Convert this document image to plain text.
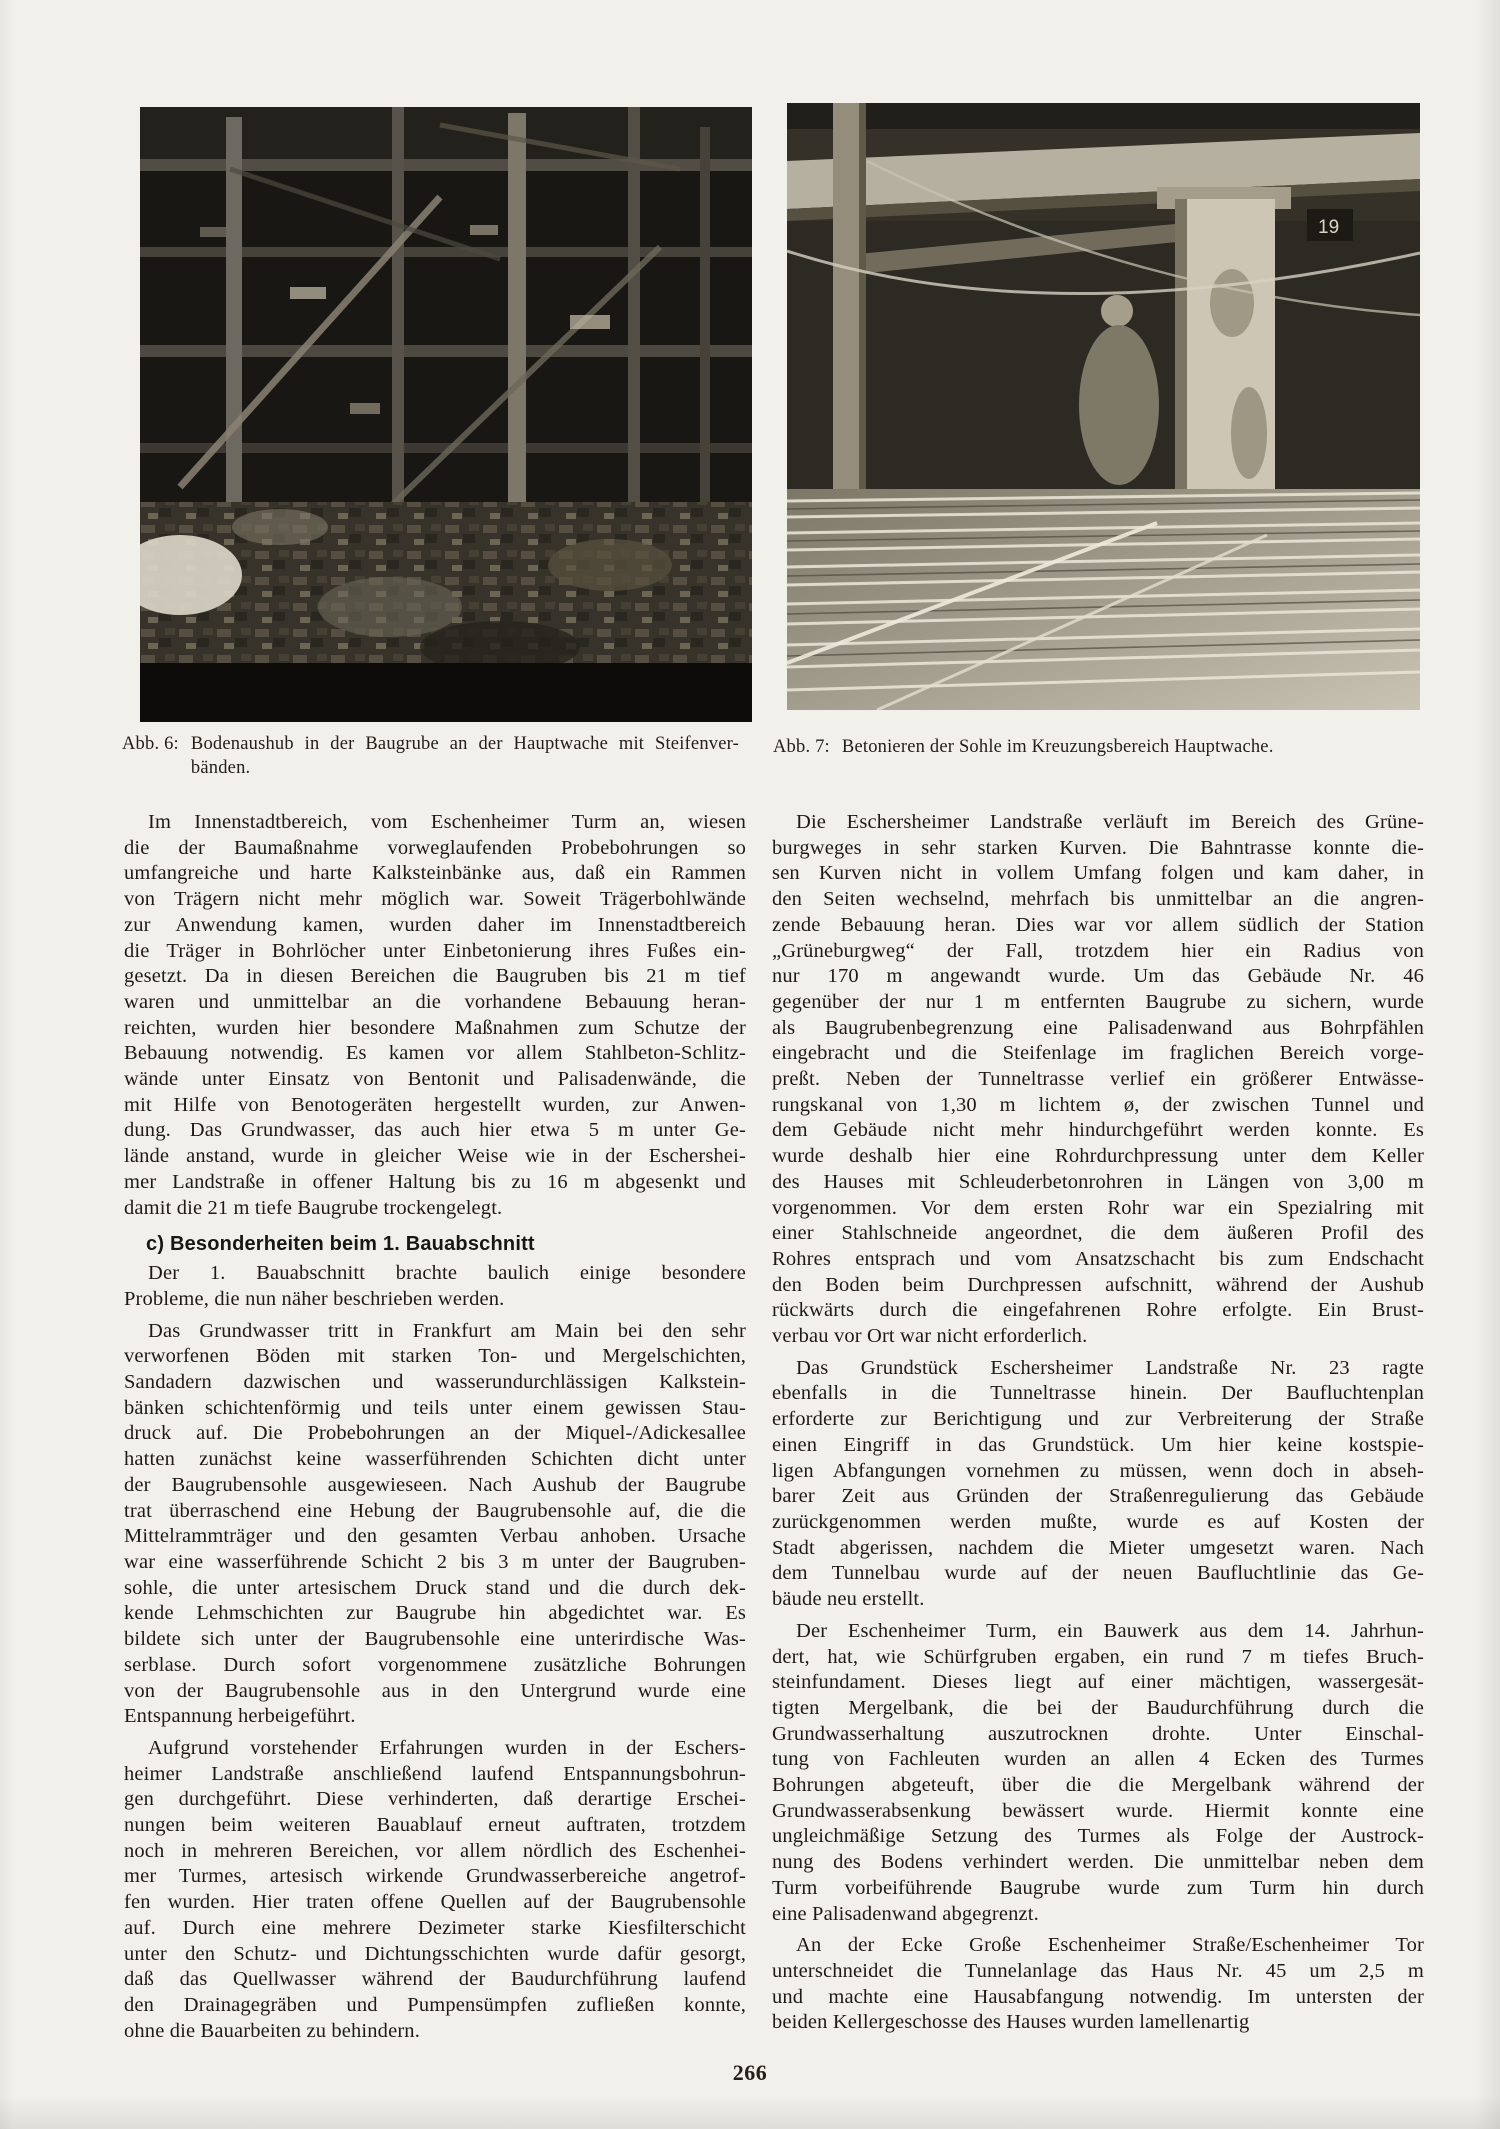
19
Abb. 6: Bodenaushub in der Baugrube an der Hauptwache mit Steifenver-
bänden.
Abb. 7: Betonieren der Sohle im Kreuzungsbereich Hauptwache.
Im Innenstadtbereich, vom Eschenheimer Turm an, wiesen
die der Baumaßnahme vorweglaufenden Probebohrungen so
umfangreiche und harte Kalksteinbänke aus, daß ein Rammen
von Trägern nicht mehr möglich war. Soweit Trägerbohlwände
zur Anwendung kamen, wurden daher im Innenstadtbereich
die Träger in Bohrlöcher unter Einbetonierung ihres Fußes ein-
gesetzt. Da in diesen Bereichen die Baugruben bis 21 m tief
waren und unmittelbar an die vorhandene Bebauung heran-
reichten, wurden hier besondere Maßnahmen zum Schutze der
Bebauung notwendig. Es kamen vor allem Stahlbeton-Schlitz-
wände unter Einsatz von Bentonit und Palisadenwände, die
mit Hilfe von Benotogeräten hergestellt wurden, zur Anwen-
dung. Das Grundwasser, das auch hier etwa 5 m unter Ge-
lände anstand, wurde in gleicher Weise wie in der Eschershei-
mer Landstraße in offener Haltung bis zu 16 m abgesenkt und
damit die 21 m tiefe Baugrube trockengelegt.
c) Besonderheiten beim 1. Bauabschnitt
Der 1. Bauabschnitt brachte baulich einige besondere
Probleme, die nun näher beschrieben werden.
Das Grundwasser tritt in Frankfurt am Main bei den sehr
verworfenen Böden mit starken Ton- und Mergelschichten,
Sandadern dazwischen und wasserundurchlässigen Kalkstein-
bänken schichtenförmig und teils unter einem gewissen Stau-
druck auf. Die Probebohrungen an der Miquel-/Adickesallee
hatten zunächst keine wasserführenden Schichten dicht unter
der Baugrubensohle ausgewieseen. Nach Aushub der Baugrube
trat überraschend eine Hebung der Baugrubensohle auf, die die
Mittelrammträger und den gesamten Verbau anhoben. Ursache
war eine wasserführende Schicht 2 bis 3 m unter der Baugruben-
sohle, die unter artesischem Druck stand und die durch dek-
kende Lehmschichten zur Baugrube hin abgedichtet war. Es
bildete sich unter der Baugrubensohle eine unterirdische Was-
serblase. Durch sofort vorgenommene zusätzliche Bohrungen
von der Baugrubensohle aus in den Untergrund wurde eine
Entspannung herbeigeführt.
Aufgrund vorstehender Erfahrungen wurden in der Eschers-
heimer Landstraße anschließend laufend Entspannungsbohrun-
gen durchgeführt. Diese verhinderten, daß derartige Erschei-
nungen beim weiteren Bauablauf erneut auftraten, trotzdem
noch in mehreren Bereichen, vor allem nördlich des Eschenhei-
mer Turmes, artesisch wirkende Grundwasserbereiche angetrof-
fen wurden. Hier traten offene Quellen auf der Baugrubensohle
auf. Durch eine mehrere Dezimeter starke Kiesfilterschicht
unter den Schutz- und Dichtungsschichten wurde dafür gesorgt,
daß das Quellwasser während der Baudurchführung laufend
den Drainagegräben und Pumpensümpfen zufließen konnte,
ohne die Bauarbeiten zu behindern.
Die Eschersheimer Landstraße verläuft im Bereich des Grüne-
burgweges in sehr starken Kurven. Die Bahntrasse konnte die-
sen Kurven nicht in vollem Umfang folgen und kam daher, in
den Seiten wechselnd, mehrfach bis unmittelbar an die angren-
zende Bebauung heran. Dies war vor allem südlich der Station
„Grüneburgweg“ der Fall, trotzdem hier ein Radius von
nur 170 m angewandt wurde. Um das Gebäude Nr. 46
gegenüber der nur 1 m entfernten Baugrube zu sichern, wurde
als Baugrubenbegrenzung eine Palisadenwand aus Bohrpfählen
eingebracht und die Steifenlage im fraglichen Bereich vorge-
preßt. Neben der Tunneltrasse verlief ein größerer Entwässe-
rungskanal von 1,30 m lichtem ø, der zwischen Tunnel und
dem Gebäude nicht mehr hindurchgeführt werden konnte. Es
wurde deshalb hier eine Rohrdurchpressung unter dem Keller
des Hauses mit Schleuderbetonrohren in Längen von 3,00 m
vorgenommen. Vor dem ersten Rohr war ein Spezialring mit
einer Stahlschneide angeordnet, die dem äußeren Profil des
Rohres entsprach und vom Ansatzschacht bis zum Endschacht
den Boden beim Durchpressen aufschnitt, während der Aushub
rückwärts durch die eingefahrenen Rohre erfolgte. Ein Brust-
verbau vor Ort war nicht erforderlich.
Das Grundstück Eschersheimer Landstraße Nr. 23 ragte
ebenfalls in die Tunneltrasse hinein. Der Baufluchtenplan
erforderte zur Berichtigung und zur Verbreiterung der Straße
einen Eingriff in das Grundstück. Um hier keine kostspie-
ligen Abfangungen vornehmen zu müssen, wenn doch in abseh-
barer Zeit aus Gründen der Straßenregulierung das Gebäude
zurückgenommen werden mußte, wurde es auf Kosten der
Stadt abgerissen, nachdem die Mieter umgesetzt waren. Nach
dem Tunnelbau wurde auf der neuen Baufluchtlinie das Ge-
bäude neu erstellt.
Der Eschenheimer Turm, ein Bauwerk aus dem 14. Jahrhun-
dert, hat, wie Schürfgruben ergaben, ein rund 7 m tiefes Bruch-
steinfundament. Dieses liegt auf einer mächtigen, wassergesät-
tigten Mergelbank, die bei der Baudurchführung durch die
Grundwasserhaltung auszutrocknen drohte. Unter Einschal-
tung von Fachleuten wurden an allen 4 Ecken des Turmes
Bohrungen abgeteuft, über die die Mergelbank während der
Grundwasserabsenkung bewässert wurde. Hiermit konnte eine
ungleichmäßige Setzung des Turmes als Folge der Austrock-
nung des Bodens verhindert werden. Die unmittelbar neben dem
Turm vorbeiführende Baugrube wurde zum Turm hin durch
eine Palisadenwand abgegrenzt.
An der Ecke Große Eschenheimer Straße/Eschenheimer Tor
unterschneidet die Tunnelanlage das Haus Nr. 45 um 2,5 m
und machte eine Hausabfangung notwendig. Im untersten der
beiden Kellergeschosse des Hauses wurden lamellenartig
266
